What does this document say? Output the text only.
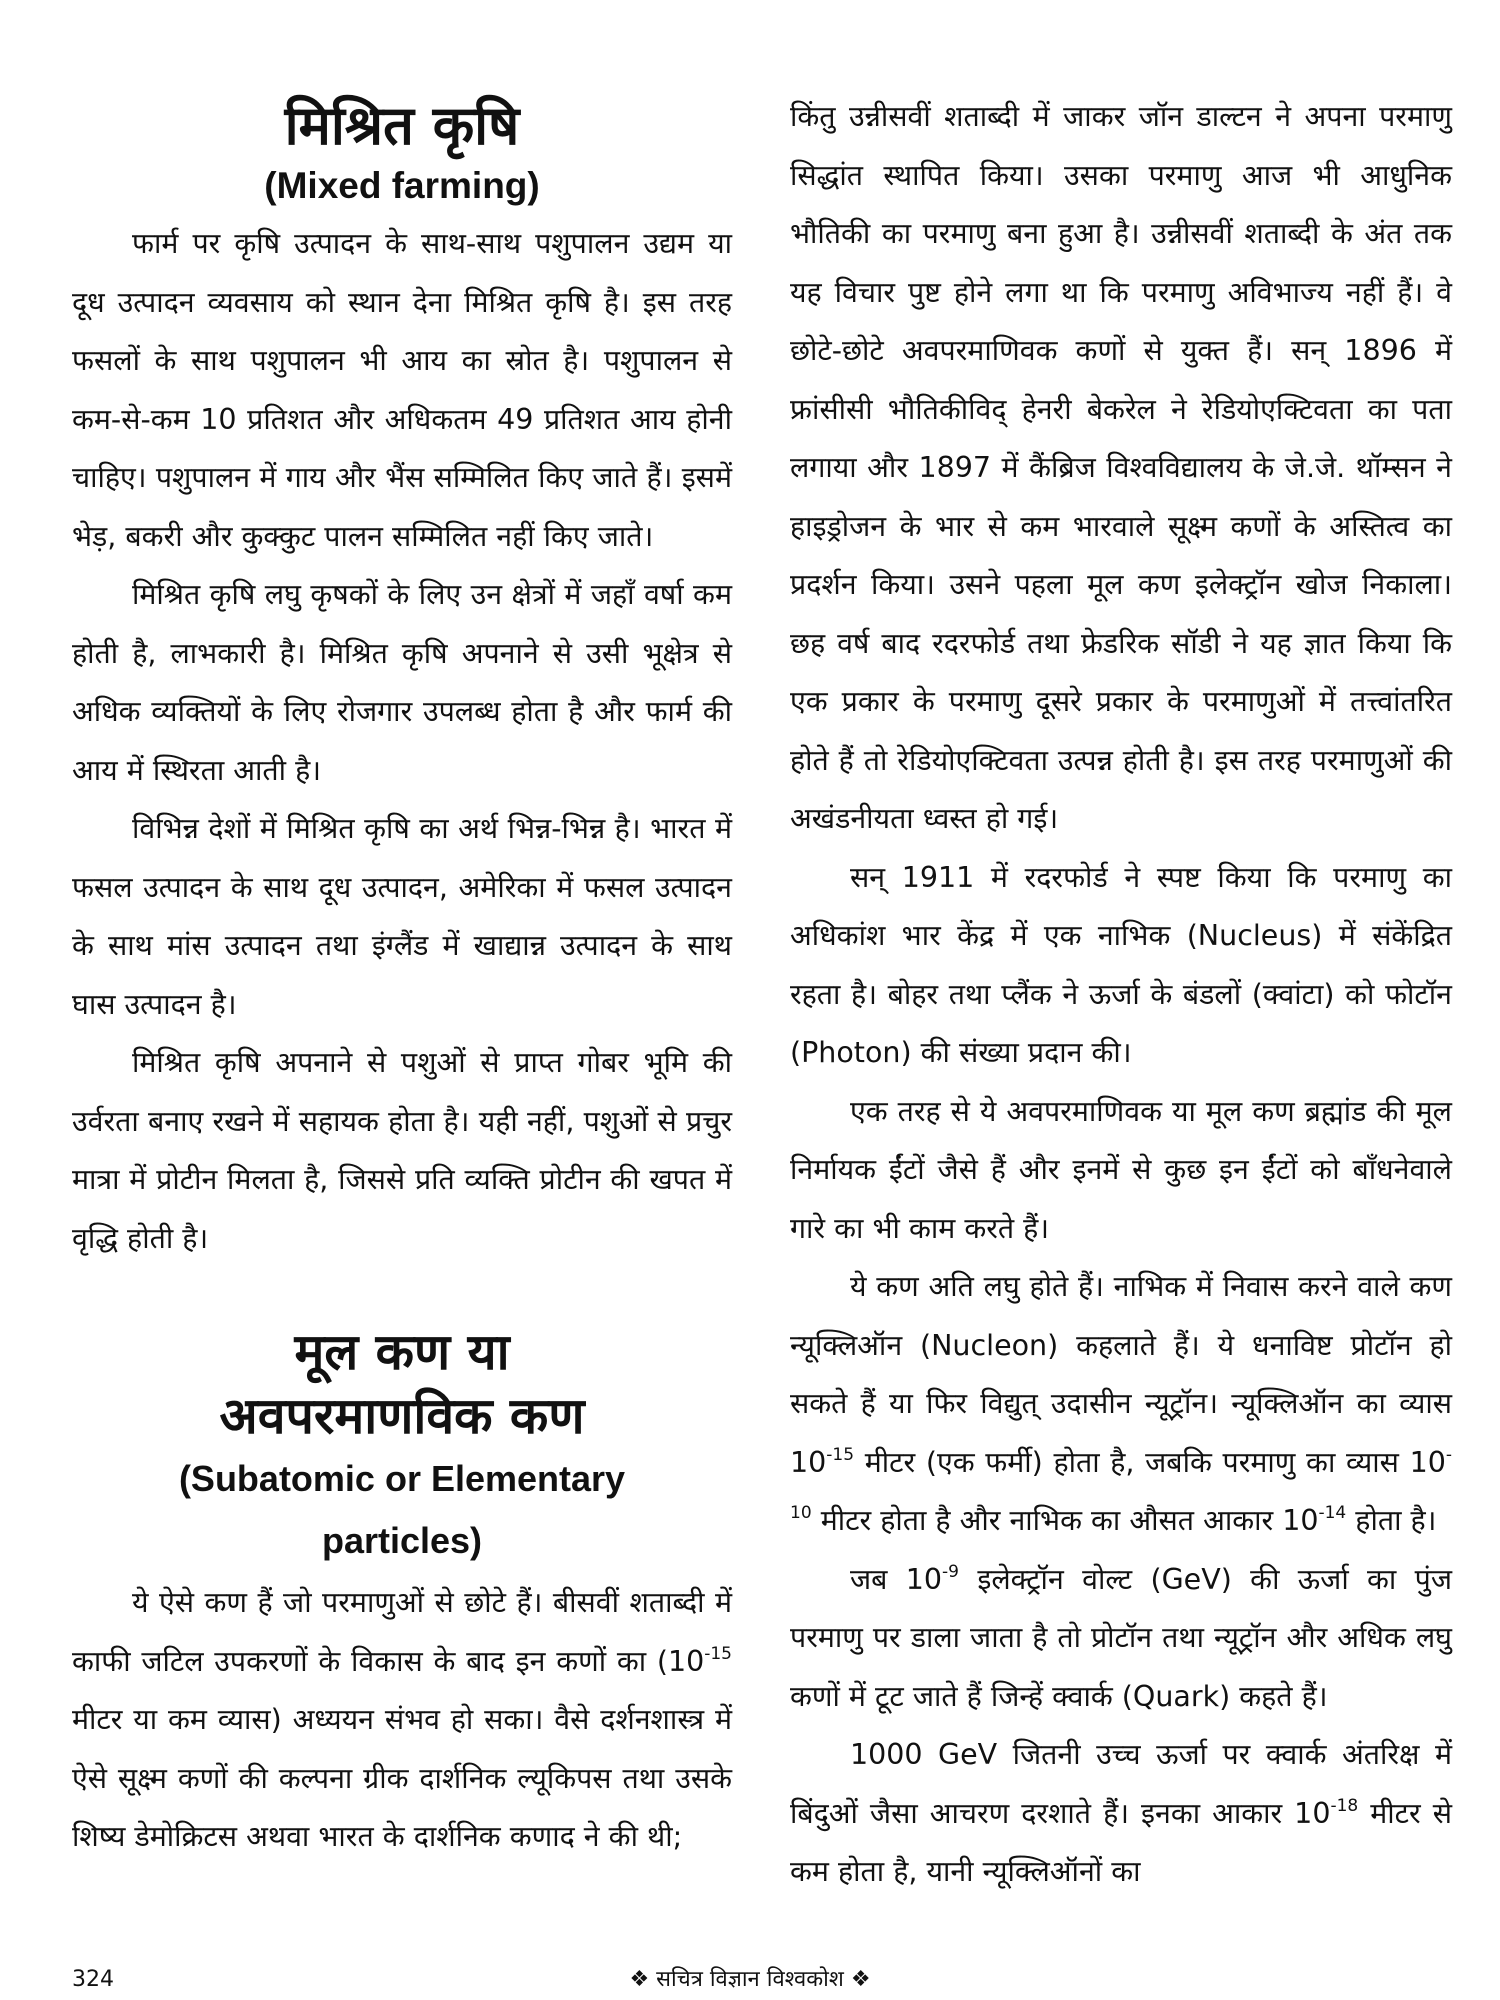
मिश्रित कृषि
(Mixed farming)

फार्म पर कृषि उत्पादन के साथ-साथ पशुपालन उद्यम या दूध उत्पादन व्यवसाय को स्थान देना मिश्रित कृषि है। इस तरह फसलों के साथ पशुपालन भी आय का स्रोत है। पशुपालन से कम-से-कम 10 प्रतिशत और अधिकतम 49 प्रतिशत आय होनी चाहिए। पशुपालन में गाय और भैंस सम्मिलित किए जाते हैं। इसमें भेड़, बकरी और कुक्कुट पालन सम्मिलित नहीं किए जाते।

मिश्रित कृषि लघु कृषकों के लिए उन क्षेत्रों में जहाँ वर्षा कम होती है, लाभकारी है। मिश्रित कृषि अपनाने से उसी भूक्षेत्र से अधिक व्यक्तियों के लिए रोजगार उपलब्ध होता है और फार्म की आय में स्थिरता आती है।

विभिन्न देशों में मिश्रित कृषि का अर्थ भिन्न-भिन्न है। भारत में फसल उत्पादन के साथ दूध उत्पादन, अमेरिका में फसल उत्पादन के साथ मांस उत्पादन तथा इंग्लैंड में खाद्यान्न उत्पादन के साथ घास उत्पादन है।

मिश्रित कृषि अपनाने से पशुओं से प्राप्त गोबर भूमि की उर्वरता बनाए रखने में सहायक होता है। यही नहीं, पशुओं से प्रचुर मात्रा में प्रोटीन मिलता है, जिससे प्रति व्यक्ति प्रोटीन की खपत में वृद्धि होती है।

मूल कण या
अवपरमाणविक कण
(Subatomic or Elementary
particles)

ये ऐसे कण हैं जो परमाणुओं से छोटे हैं। बीसवीं शताब्दी में काफी जटिल उपकरणों के विकास के बाद इन कणों का ($10^{-15}$ मीटर या कम व्यास) अध्ययन संभव हो सका। वैसे दर्शनशास्त्र में ऐसे सूक्ष्म कणों की कल्पना ग्रीक दार्शनिक ल्यूकिपस तथा उसके शिष्य डेमोक्रिटस अथवा भारत के दार्शनिक कणाद ने की थी;

किंतु उन्नीसवीं शताब्दी में जाकर जॉन डाल्टन ने अपना परमाणु सिद्धांत स्थापित किया। उसका परमाणु आज भी आधुनिक भौतिकी का परमाणु बना हुआ है। उन्नीसवीं शताब्दी के अंत तक यह विचार पुष्ट होने लगा था कि परमाणु अविभाज्य नहीं हैं। वे छोटे-छोटे अवपरमाणिवक कणों से युक्त हैं। सन् 1896 में फ्रांसीसी भौतिकीविद् हेनरी बेकरेल ने रेडियोएक्टिवता का पता लगाया और 1897 में कैंब्रिज विश्वविद्यालय के जे.जे. थॉम्सन ने हाइड्रोजन के भार से कम भारवाले सूक्ष्म कणों के अस्तित्व का प्रदर्शन किया। उसने पहला मूल कण इलेक्ट्रॉन खोज निकाला। छह वर्ष बाद रदरफोर्ड तथा फ्रेडरिक सॉडी ने यह ज्ञात किया कि एक प्रकार के परमाणु दूसरे प्रकार के परमाणुओं में तत्त्वांतरित होते हैं तो रेडियोएक्टिवता उत्पन्न होती है। इस तरह परमाणुओं की अखंडनीयता ध्वस्त हो गई।

सन् 1911 में रदरफोर्ड ने स्पष्ट किया कि परमाणु का अधिकांश भार केंद्र में एक नाभिक (Nucleus) में संकेंद्रित रहता है। बोहर तथा प्लैंक ने ऊर्जा के बंडलों (क्वांटा) को फोटॉन (Photon) की संख्या प्रदान की।

एक तरह से ये अवपरमाणिवक या मूल कण ब्रह्मांड की मूल निर्मायक ईंटों जैसे हैं और इनमें से कुछ इन ईंटों को बाँधनेवाले गारे का भी काम करते हैं।

ये कण अति लघु होते हैं। नाभिक में निवास करने वाले कण न्यूक्लिऑन (Nucleon) कहलाते हैं। ये धनाविष्ट प्रोटॉन हो सकते हैं या फिर विद्युत् उदासीन न्यूट्रॉन। न्यूक्लिऑन का व्यास $10^{-15}$ मीटर (एक फर्मी) होता है, जबकि परमाणु का व्यास $10^{-10}$ मीटर होता है और नाभिक का औसत आकार $10^{-14}$ होता है।

जब $10^{-9}$ इलेक्ट्रॉन वोल्ट (GeV) की ऊर्जा का पुंज परमाणु पर डाला जाता है तो प्रोटॉन तथा न्यूट्रॉन और अधिक लघु कणों में टूट जाते हैं जिन्हें क्वार्क (Quark) कहते हैं।

1000 GeV जितनी उच्च ऊर्जा पर क्वार्क अंतरिक्ष में बिंदुओं जैसा आचरण दरशाते हैं। इनका आकार $10^{-18}$ मीटर से कम होता है, यानी न्यूक्लिऑनों का

324	❖ सचित्र विज्ञान विश्वकोश ❖
